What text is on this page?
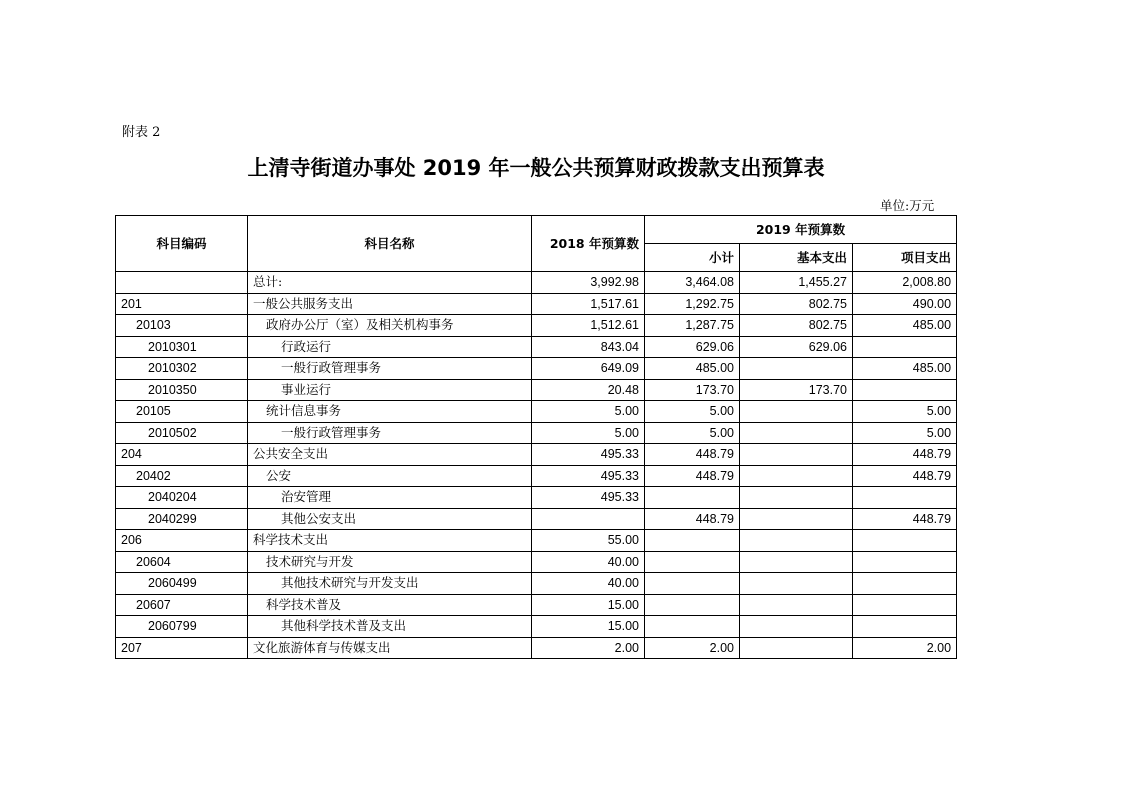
附表 2
上清寺街道办事处 2019 年一般公共预算财政拨款支出预算表
单位:万元
科目编码	科目名称	2018 年预算数	2019 年预算数		
			小计	基本支出	项目支出
	总计:	3,992.98	3,464.08	1,455.27	2,008.80
201	一般公共服务支出	1,517.61	1,292.75	802.75	490.00
20103	政府办公厅（室）及相关机构事务	1,512.61	1,287.75	802.75	485.00
2010301	行政运行	843.04	629.06	629.06	
2010302	一般行政管理事务	649.09	485.00		485.00
2010350	事业运行	20.48	173.70	173.70	
20105	统计信息事务	5.00	5.00		5.00
2010502	一般行政管理事务	5.00	5.00		5.00
204	公共安全支出	495.33	448.79		448.79
20402	公安	495.33	448.79		448.79
2040204	治安管理	495.33			
2040299	其他公安支出		448.79		448.79
206	科学技术支出	55.00			
20604	技术研究与开发	40.00			
2060499	其他技术研究与开发支出	40.00			
20607	科学技术普及	15.00			
2060799	其他科学技术普及支出	15.00			
207	文化旅游体育与传媒支出	2.00	2.00		2.00
